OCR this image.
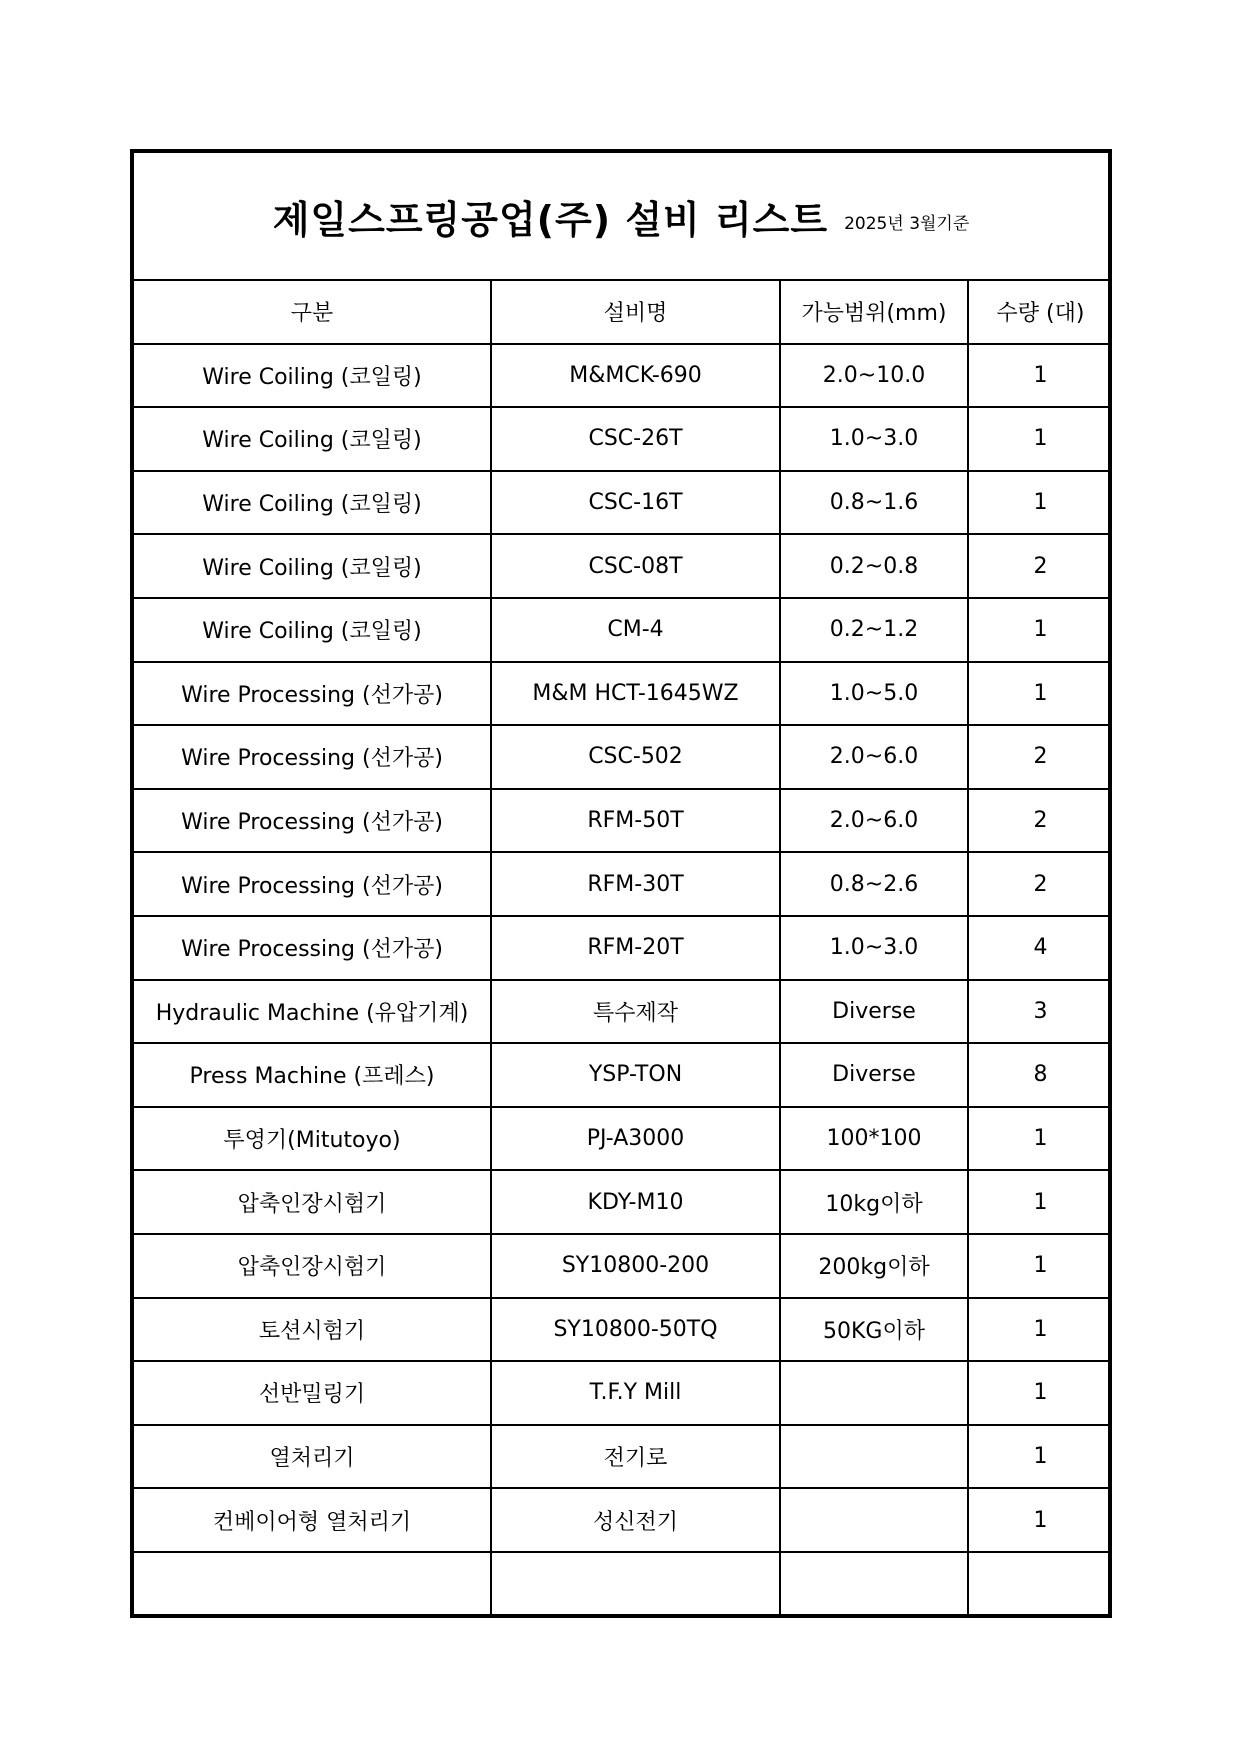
제일스프링공업(주) 설비 리스트 2025년 3월기준
구분	설비명	가능범위(mm)	수량 (대)
Wire Coiling (코일링)	M&MCK-690	2.0~10.0	1
Wire Coiling (코일링)	CSC-26T	1.0~3.0	1
Wire Coiling (코일링)	CSC-16T	0.8~1.6	1
Wire Coiling (코일링)	CSC-08T	0.2~0.8	2
Wire Coiling (코일링)	CM-4	0.2~1.2	1
Wire Processing (선가공)	M&M HCT-1645WZ	1.0~5.0	1
Wire Processing (선가공)	CSC-502	2.0~6.0	2
Wire Processing (선가공)	RFM-50T	2.0~6.0	2
Wire Processing (선가공)	RFM-30T	0.8~2.6	2
Wire Processing (선가공)	RFM-20T	1.0~3.0	4
Hydraulic Machine (유압기계)	특수제작	Diverse	3
Press Machine (프레스)	YSP-TON	Diverse	8
투영기(Mitutoyo)	PJ-A3000	100*100	1
압축인장시험기	KDY-M10	10kg이하	1
압축인장시험기	SY10800-200	200kg이하	1
토션시험기	SY10800-50TQ	50KG이하	1
선반밀링기	T.F.Y Mill		1
열처리기	전기로		1
컨베이어형 열처리기	성신전기		1
